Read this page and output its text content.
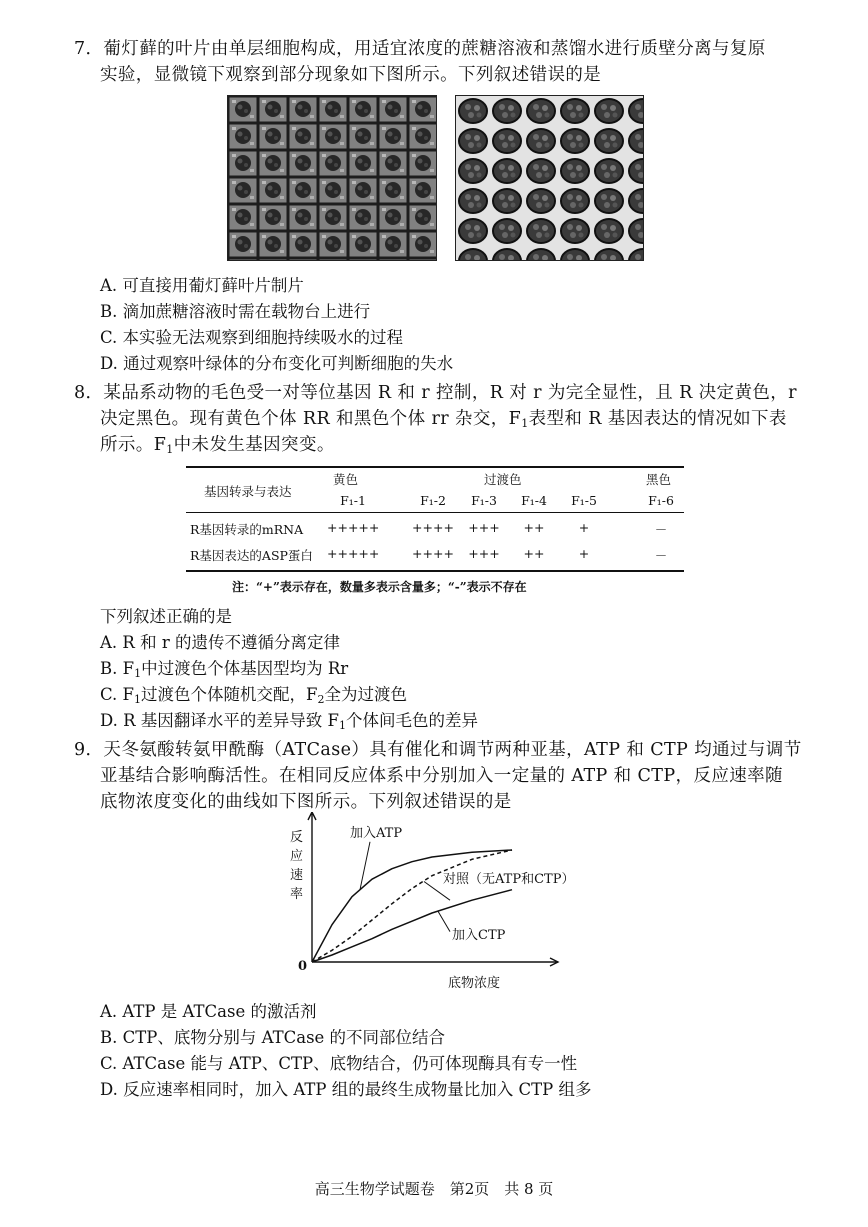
7．葡灯藓的叶片由单层细胞构成，用适宜浓度的蔗糖溶液和蒸馏水进行质壁分离与复原
实验，显微镜下观察到部分现象如下图所示。下列叙述错误的是
A. 可直接用葡灯藓叶片制片
B. 滴加蔗糖溶液时需在载物台上进行
C. 本实验无法观察到细胞持续吸水的过程
D. 通过观察叶绿体的分布变化可判断细胞的失水
8．某品系动物的毛色受一对等位基因 R 和 r 控制，R 对 r 为完全显性，且 R 决定黄色，r
决定黑色。现有黄色个体 RR 和黑色个体 rr 杂交，$F_1$表型和 R 基因表达的情况如下表
所示。$F_1$中未发生基因突变。
基因转录与表达
黄色	过渡色	黑色
F₁-1	F₁-2	F₁-3	F₁-4	F₁-5	F₁-6
R基因转录的mRNA +++++	++++	+++	++	+	－
R基因表达的ASP蛋白 +++++	++++	+++	++	+	－
注：“+”表示存在，数量多表示含量多；“-”表示不存在
下列叙述正确的是
A. R 和 r 的遗传不遵循分离定律
B. $F_1$中过渡色个体基因型均为 Rr
C. $F_1$过渡色个体随机交配，$F_2$全为过渡色
D. R 基因翻译水平的差异导致 $F_1$个体间毛色的差异
9．天冬氨酸转氨甲酰酶（ATCase）具有催化和调节两种亚基，ATP 和 CTP 均通过与调节
亚基结合影响酶活性。在相同反应体系中分别加入一定量的 ATP 和 CTP，反应速率随
底物浓度变化的曲线如下图所示。下列叙述错误的是
反应速率
0
底物浓度
加入ATP
对照（无ATP和CTP）
加入CTP
A. ATP 是 ATCase 的激活剂
B. CTP、底物分别与 ATCase 的不同部位结合
C. ATCase 能与 ATP、CTP、底物结合，仍可体现酶具有专一性
D. 反应速率相同时，加入 ATP 组的最终生成物量比加入 CTP 组多
高三生物学试题卷　第2页　共 8 页
